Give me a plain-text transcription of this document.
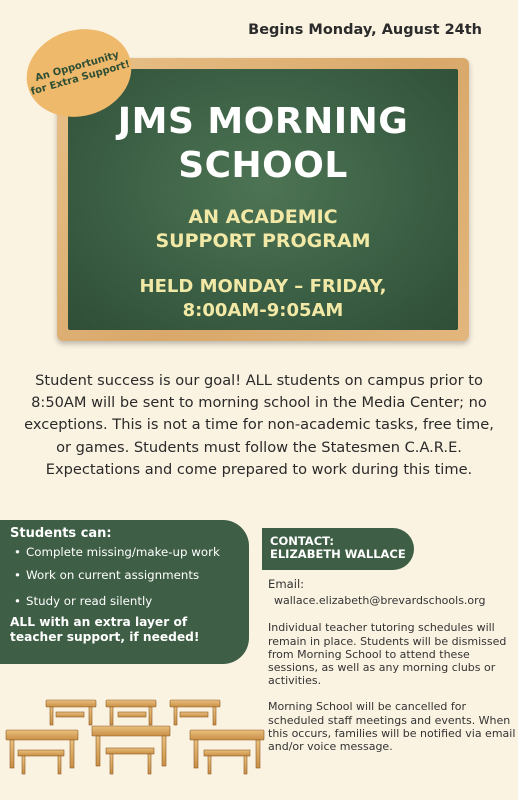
Begins Monday, August 24th
JMS MORNING
SCHOOL
AN ACADEMIC
SUPPORT PROGRAM
HELD MONDAY – FRIDAY,
8:00AM-9:05AM
An Opportunity
for Extra Support!

Student success is our goal! ALL students on campus prior to 8:50AM will be sent to morning school in the Media Center; no exceptions. This is not a time for non-academic tasks, free time, or games. Students must follow the Statesmen C.A.R.E. Expectations and come prepared to work during this time.

Students can:
• Complete missing/make-up work
• Work on current assignments
• Study or read silently
ALL with an extra layer of
teacher support, if needed!
CONTACT:
ELIZABETH WALLACE
Email:
wallace.elizabeth@brevardschools.org

Individual teacher tutoring schedules will remain in place. Students will be dismissed from Morning School to attend these sessions, as well as any morning clubs or activities.

Morning School will be cancelled for scheduled staff meetings and events. When this occurs, families will be notified via email and/or voice message.
